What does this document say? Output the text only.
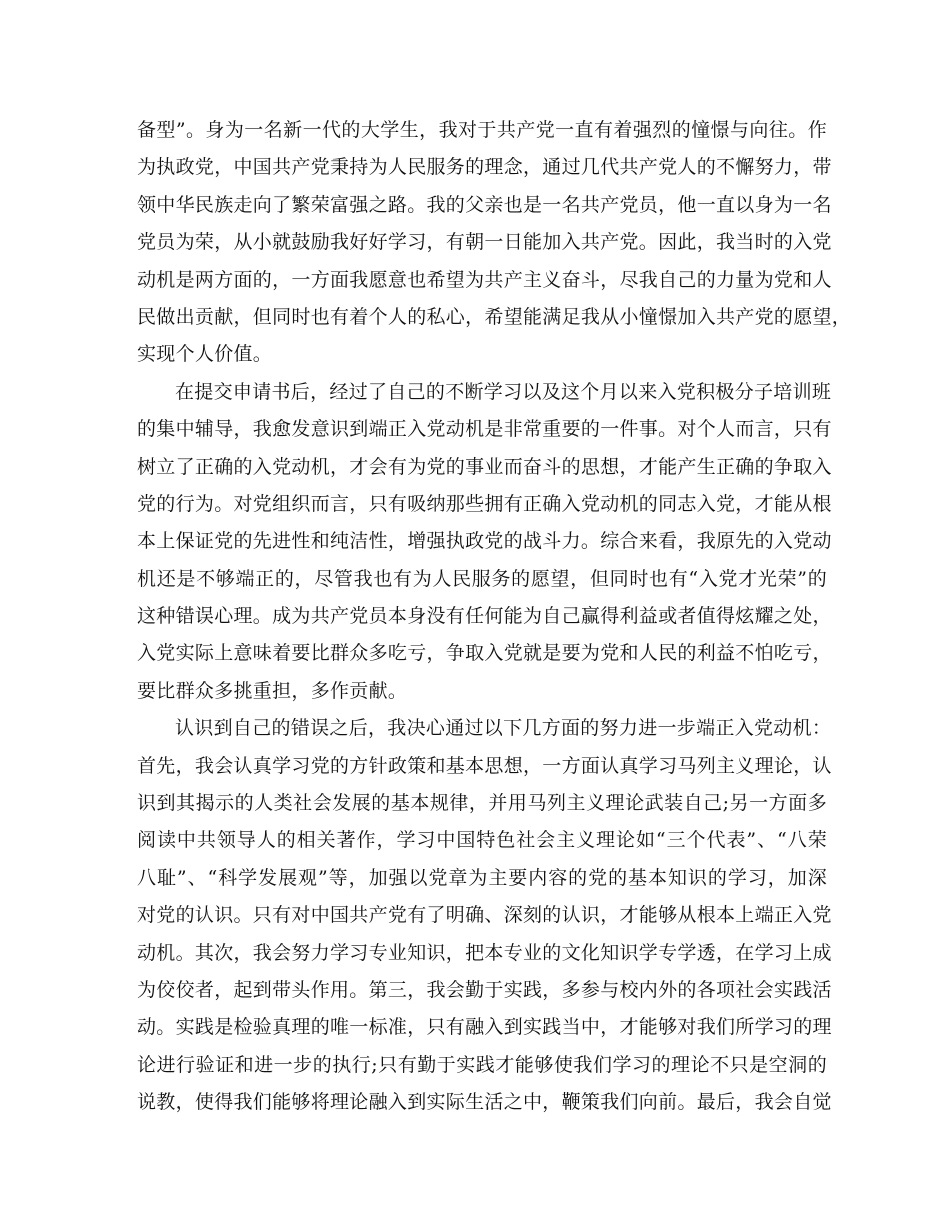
备型”。身为一名新一代的大学生，我对于共产党一直有着强烈的憧憬与向往。作
为执政党，中国共产党秉持为人民服务的理念，通过几代共产党人的不懈努力，带
领中华民族走向了繁荣富强之路。我的父亲也是一名共产党员，他一直以身为一名
党员为荣，从小就鼓励我好好学习，有朝一日能加入共产党。因此，我当时的入党
动机是两方面的，一方面我愿意也希望为共产主义奋斗，尽我自己的力量为党和人
民做出贡献，但同时也有着个人的私心，希望能满足我从小憧憬加入共产党的愿望，
实现个人价值。
在提交申请书后，经过了自己的不断学习以及这个月以来入党积极分子培训班
的集中辅导，我愈发意识到端正入党动机是非常重要的一件事。对个人而言，只有
树立了正确的入党动机，才会有为党的事业而奋斗的思想，才能产生正确的争取入
党的行为。对党组织而言，只有吸纳那些拥有正确入党动机的同志入党，才能从根
本上保证党的先进性和纯洁性，增强执政党的战斗力。综合来看，我原先的入党动
机还是不够端正的，尽管我也有为人民服务的愿望，但同时也有“入党才光荣”的
这种错误心理。成为共产党员本身没有任何能为自己赢得利益或者值得炫耀之处，
入党实际上意味着要比群众多吃亏，争取入党就是要为党和人民的利益不怕吃亏，
要比群众多挑重担，多作贡献。
认识到自己的错误之后，我决心通过以下几方面的努力进一步端正入党动机：
首先，我会认真学习党的方针政策和基本思想，一方面认真学习马列主义理论，认
识到其揭示的人类社会发展的基本规律，并用马列主义理论武装自己;另一方面多
阅读中共领导人的相关著作，学习中国特色社会主义理论如“三个代表”、“八荣
八耻”、“科学发展观”等，加强以党章为主要内容的党的基本知识的学习，加深
对党的认识。只有对中国共产党有了明确、深刻的认识，才能够从根本上端正入党
动机。其次，我会努力学习专业知识，把本专业的文化知识学专学透，在学习上成
为佼佼者，起到带头作用。第三，我会勤于实践，多参与校内外的各项社会实践活
动。实践是检验真理的唯一标准，只有融入到实践当中，才能够对我们所学习的理
论进行验证和进一步的执行;只有勤于实践才能够使我们学习的理论不只是空洞的
说教，使得我们能够将理论融入到实际生活之中，鞭策我们向前。最后，我会自觉
